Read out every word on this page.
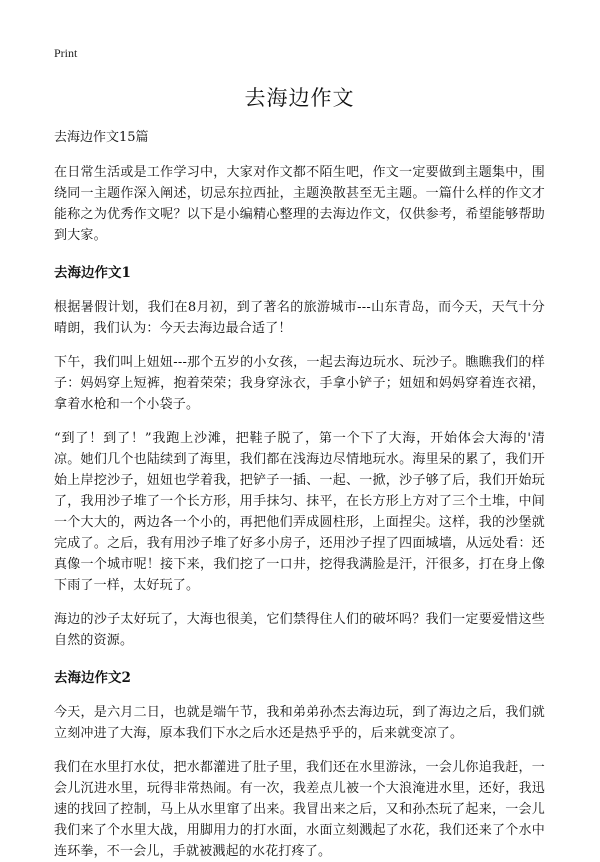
Print
去海边作文
去海边作文15篇

在日常生活或是工作学习中，大家对作文都不陌生吧，作文一定要做到主题集中，围绕同一主题作深入阐述，切忌东拉西扯，主题涣散甚至无主题。一篇什么样的作文才能称之为优秀作文呢？以下是小编精心整理的去海边作文，仅供参考，希望能够帮助到大家。

去海边作文1

根据暑假计划，我们在8月初，到了著名的旅游城市---山东青岛，而今天，天气十分晴朗，我们认为：今天去海边最合适了！

下午，我们叫上妞妞---那个五岁的小女孩，一起去海边玩水、玩沙子。瞧瞧我们的样子：妈妈穿上短裤，抱着荣荣；我身穿泳衣，手拿小铲子；妞妞和妈妈穿着连衣裙，拿着水枪和一个小袋子。

“到了！到了！”我跑上沙滩，把鞋子脱了，第一个下了大海，开始体会大海的'清凉。她们几个也陆续到了海里，我们都在浅海边尽情地玩水。海里呆的累了，我们开始上岸挖沙子，妞妞也学着我，把铲子一插、一起、一掀，沙子够了后，我们开始玩了，我用沙子堆了一个长方形，用手抹匀、抹平，在长方形上方对了三个土堆，中间一个大大的，两边各一个小的，再把他们弄成圆柱形，上面捏尖。这样，我的沙堡就完成了。之后，我有用沙子堆了好多小房子，还用沙子捏了四面城墙，从远处看：还真像一个城市呢！接下来，我们挖了一口井，挖得我满脸是汗，汗很多，打在身上像下雨了一样，太好玩了。

海边的沙子太好玩了，大海也很美，它们禁得住人们的破坏吗？我们一定要爱惜这些自然的资源。

去海边作文2

今天，是六月二日，也就是端午节，我和弟弟孙杰去海边玩，到了海边之后，我们就立刻冲进了大海，原本我们下水之后水还是热乎乎的，后来就变凉了。

我们在水里打水仗，把水都灌进了肚子里，我们还在水里游泳，一会儿你追我赶，一会儿沉进水里，玩得非常热闹。有一次，我差点儿被一个大浪淹进水里，还好，我迅速的找回了控制，马上从水里窜了出来。我冒出来之后，又和孙杰玩了起来，一会儿我们来了个水里大战，用脚用力的打水面，水面立刻溅起了水花，我们还来了个水中连环拳，不一会儿，手就被溅起的水花打疼了。
